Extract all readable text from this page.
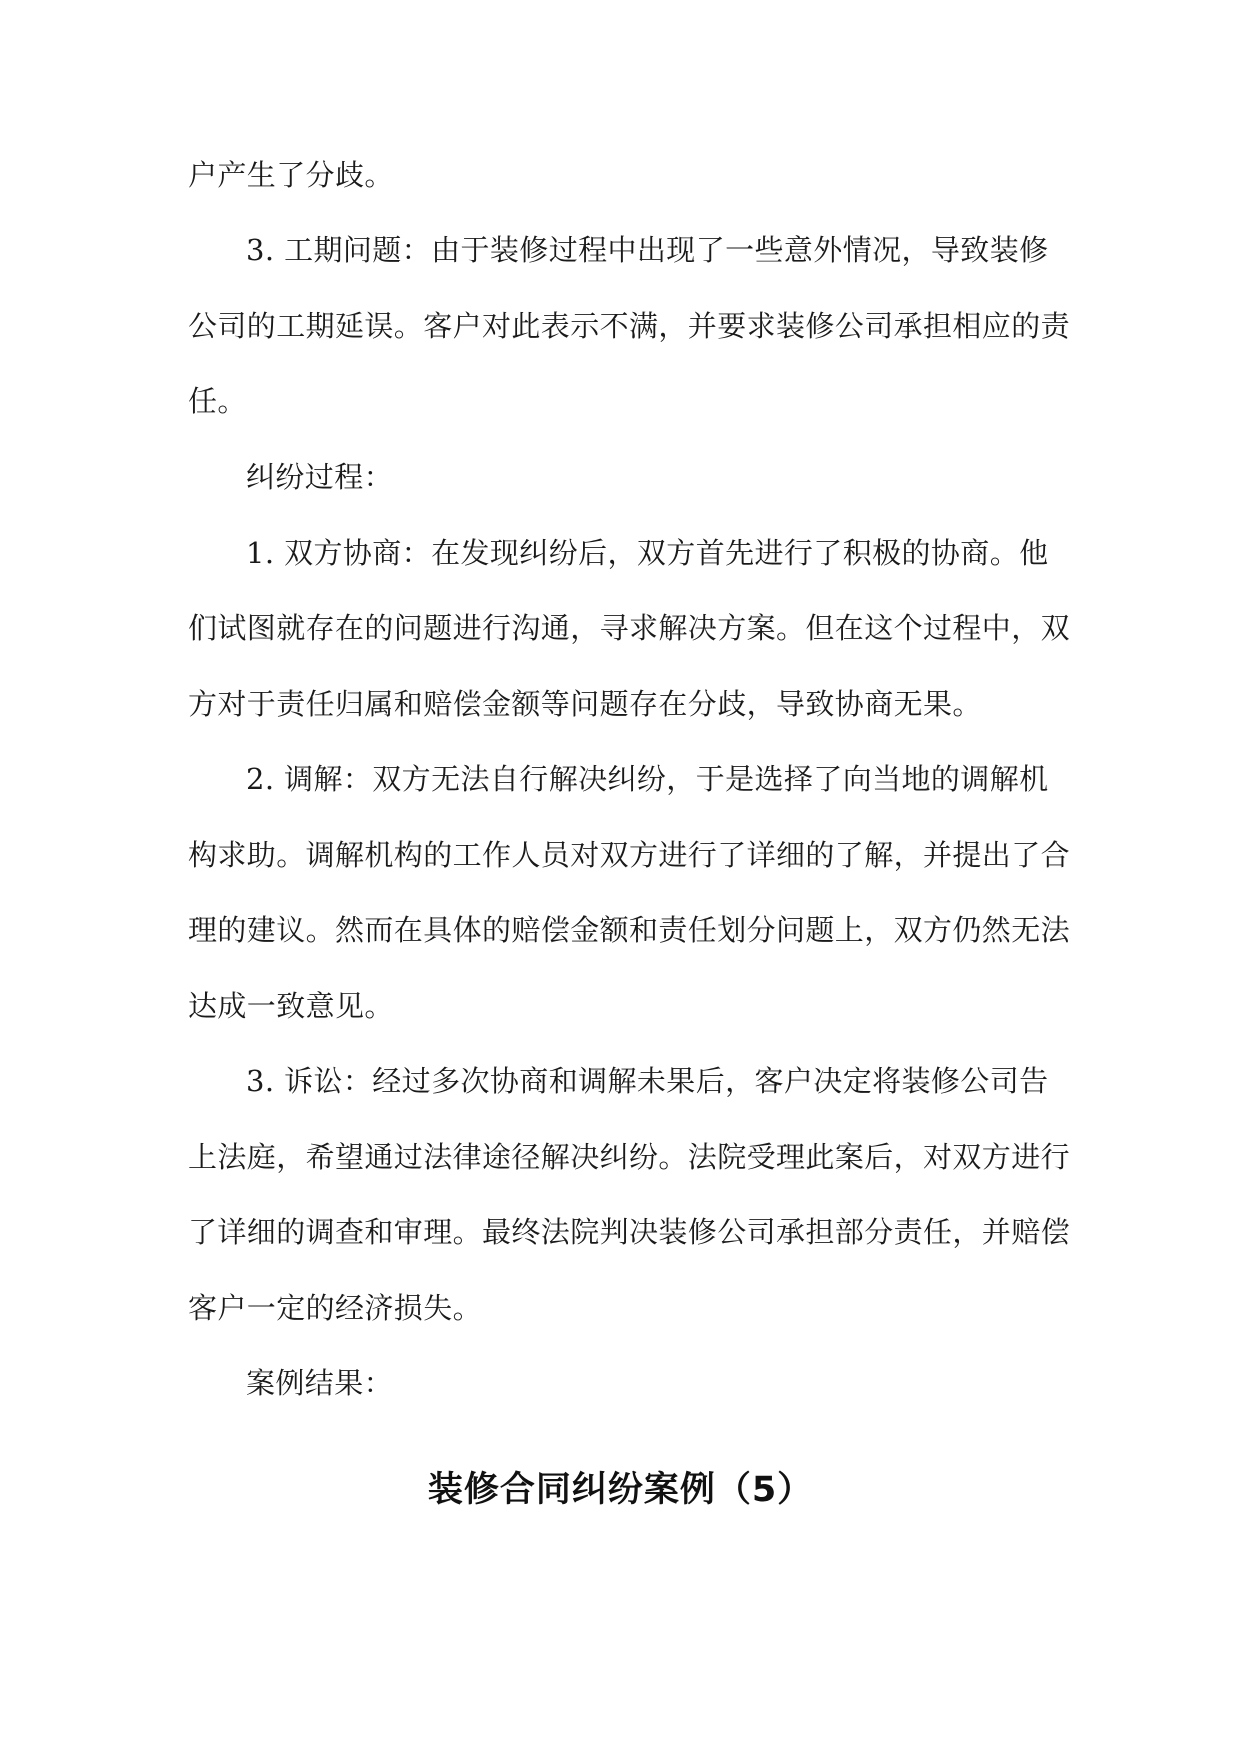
户产生了分歧。
3. 工期问题：由于装修过程中出现了一些意外情况，导致装修
公司的工期延误。客户对此表示不满，并要求装修公司承担相应的责
任。
纠纷过程：
1. 双方协商：在发现纠纷后，双方首先进行了积极的协商。他
们试图就存在的问题进行沟通，寻求解决方案。但在这个过程中，双
方对于责任归属和赔偿金额等问题存在分歧，导致协商无果。
2. 调解：双方无法自行解决纠纷，于是选择了向当地的调解机
构求助。调解机构的工作人员对双方进行了详细的了解，并提出了合
理的建议。然而在具体的赔偿金额和责任划分问题上，双方仍然无法
达成一致意见。
3. 诉讼：经过多次协商和调解未果后，客户决定将装修公司告
上法庭，希望通过法律途径解决纠纷。法院受理此案后，对双方进行
了详细的调查和审理。最终法院判决装修公司承担部分责任，并赔偿
客户一定的经济损失。
案例结果：
装修合同纠纷案例（5）
